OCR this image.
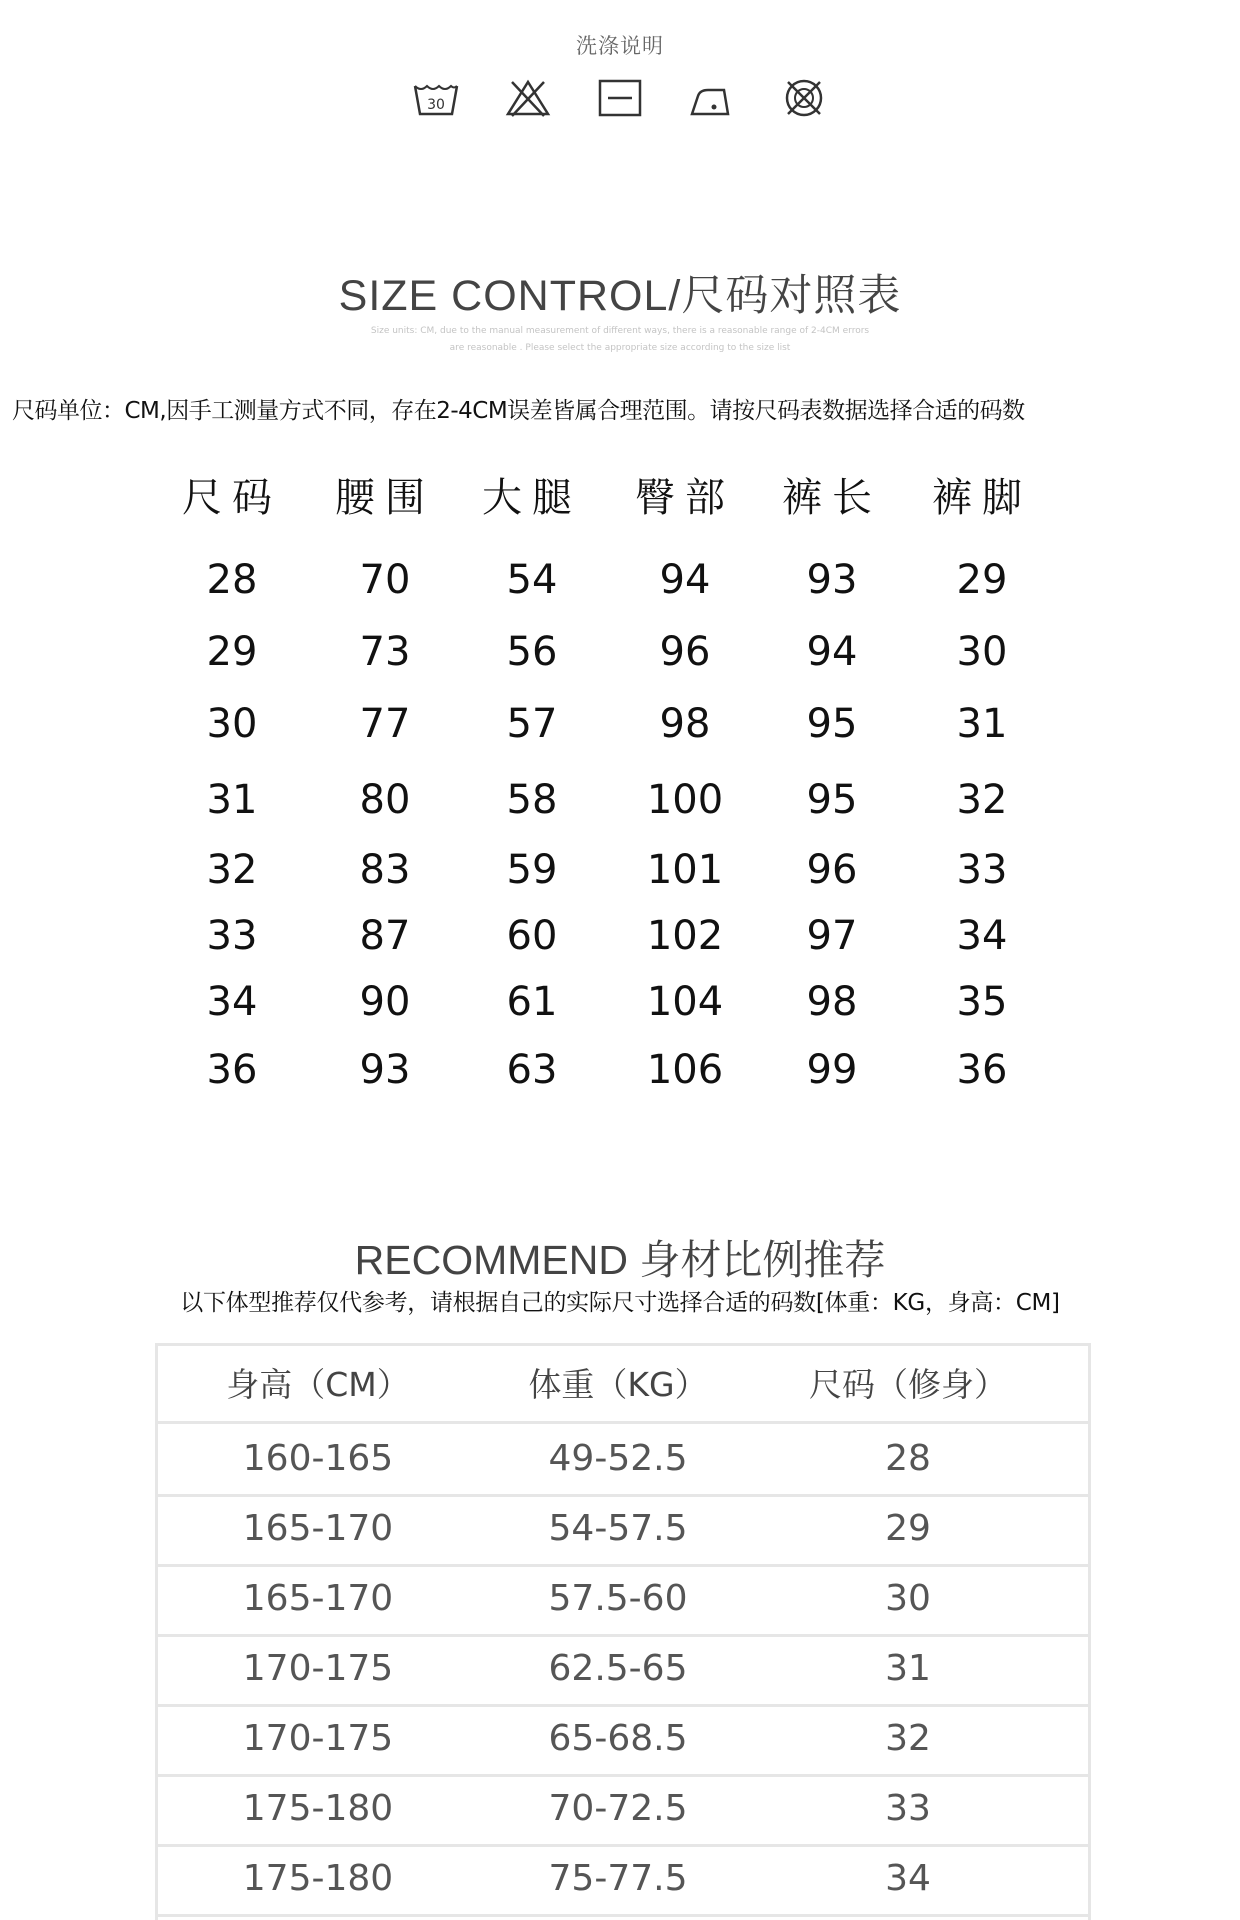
洗涤说明
30
SIZE CONTROL/尺码对照表
Size units: CM, due to the manual measurement of different ways, there is a reasonable range of 2-4CM errors
are reasonable . Please select the appropriate size according to the size list
尺码单位：CM,因手工测量方式不同，存在2-4CM误差皆属合理范围。请按尺码表数据选择合适的码数
尺码	腰围	大腿	臀部	裤长	裤脚
28	70	54	94	93	29
29	73	56	96	94	30
30	77	57	98	95	31
31	80	58	100	95	32
32	83	59	101	96	33
33	87	60	102	97	34
34	90	61	104	98	35
36	93	63	106	99	36
RECOMMEND 身材比例推荐
以下体型推荐仅代参考，请根据自己的实际尺寸选择合适的码数[体重：KG，身高：CM]
身高（CM）	体重（KG）	尺码（修身）
160-165	49-52.5	28
165-170	54-57.5	29
165-170	57.5-60	30
170-175	62.5-65	31
170-175	65-68.5	32
175-180	70-72.5	33
175-180	75-77.5	34
